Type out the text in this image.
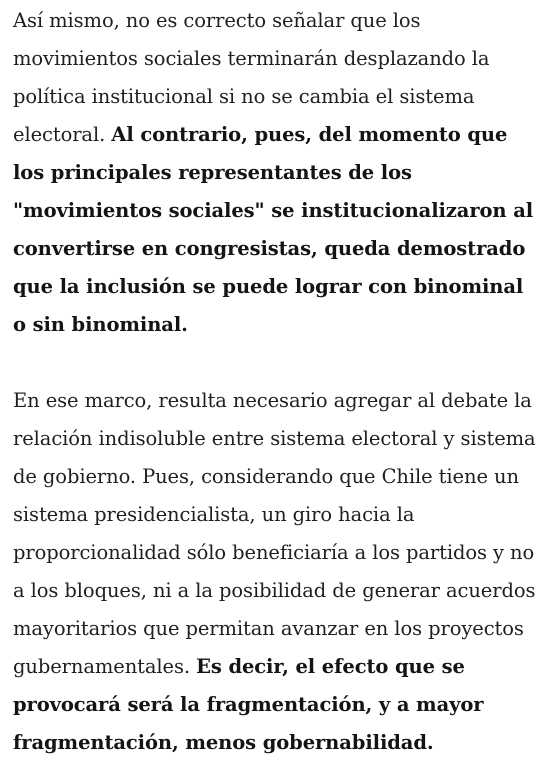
Así mismo, no es correcto señalar que los movimientos sociales terminarán desplazando la política institucional si no se cambia el sistema electoral. Al contrario, pues, del momento que los principales representantes de los "movimientos sociales" se institucionalizaron al convertirse en congresistas, queda demostrado que la inclusión se puede lograr con binominal o sin binominal.

En ese marco, resulta necesario agregar al debate la relación indisoluble entre sistema electoral y sistema de gobierno. Pues, considerando que Chile tiene un sistema presidencialista, un giro hacia la proporcionalidad sólo beneficiaría a los partidos y no a los bloques, ni a la posibilidad de generar acuerdos mayoritarios que permitan avanzar en los proyectos gubernamentales. Es decir, el efecto que se provocará será la fragmentación, y a mayor fragmentación, menos gobernabilidad.
